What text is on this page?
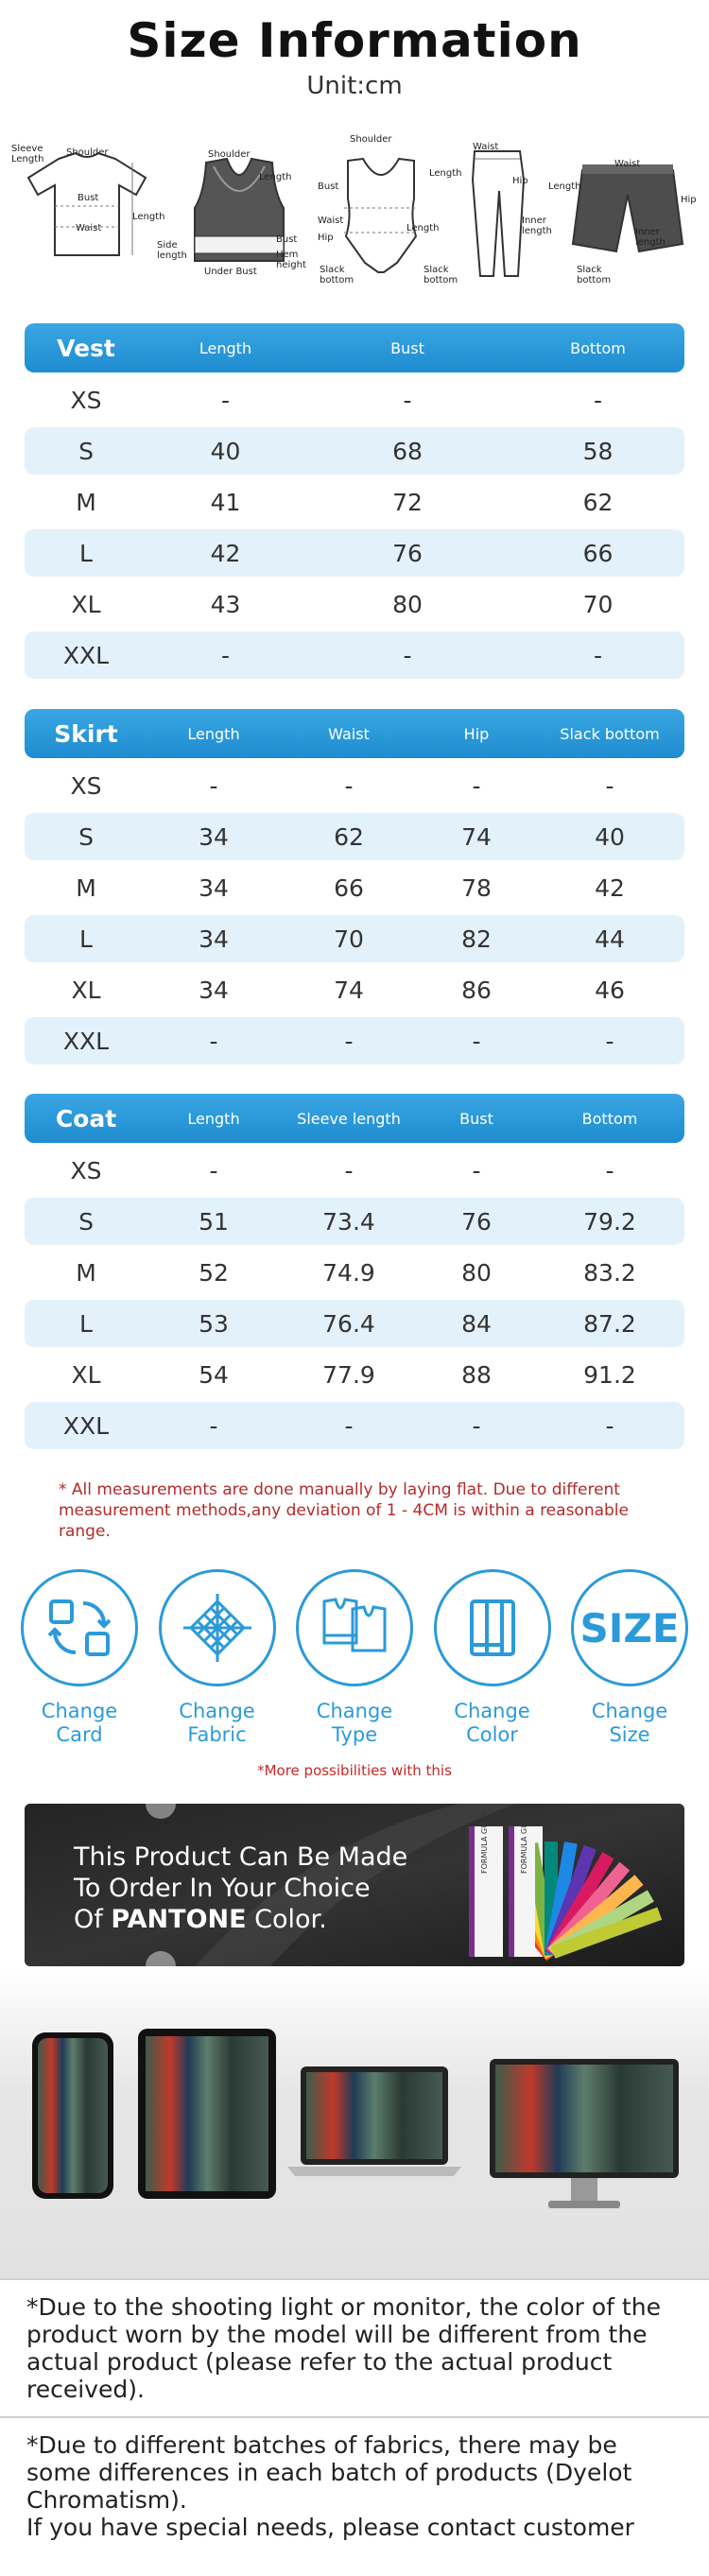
Size Information
Unit:cm
Sleeve Length
Shoulder
Bust
Waist
Length
Shoulder
Length
Side length
Bust
Hem height
Under Bust
Shoulder
Bust
Waist
Hip
Length
Slack bottom
Waist
Hip
Length
Inner length
Slack bottom
Waist
Length
Hip
Inner length
Slack bottom
Vest	Length	Bust	Bottom
XS	-	-	-
S	40	68	58
M	41	72	62
L	42	76	66
XL	43	80	70
XXL	-	-	-
Skirt	Length	Waist	Hip	Slack bottom
XS	-	-	-	-
S	34	62	74	40
M	34	66	78	42
L	34	70	82	44
XL	34	74	86	46
XXL	-	-	-	-
Coat	Length	Sleeve length	Bust	Bottom
XS	-	-	-	-
S	51	73.4	76	79.2
M	52	74.9	80	83.2
L	53	76.4	84	87.2
XL	54	77.9	88	91.2
XXL	-	-	-	-
* All measurements are done manually by laying flat. Due to different measurement methods,any deviation of 1 - 4CM is within a reasonable range.
Change
Card
Change
Fabric
Change
Type
Change
Color
SIZE
Change
Size
*More possibilities with this
This Product Can Be Made
To Order In Your Choice
Of PANTONE Color.
FORMULA GUIDE	FORMULA GUIDE
*Due to the shooting light or monitor, the color of the product worn by the model will be different from the actual product (please refer to the actual product received).
*Due to different batches of fabrics, there may be some differences in each batch of products (Dyelot Chromatism).
If you have special needs, please contact customer
